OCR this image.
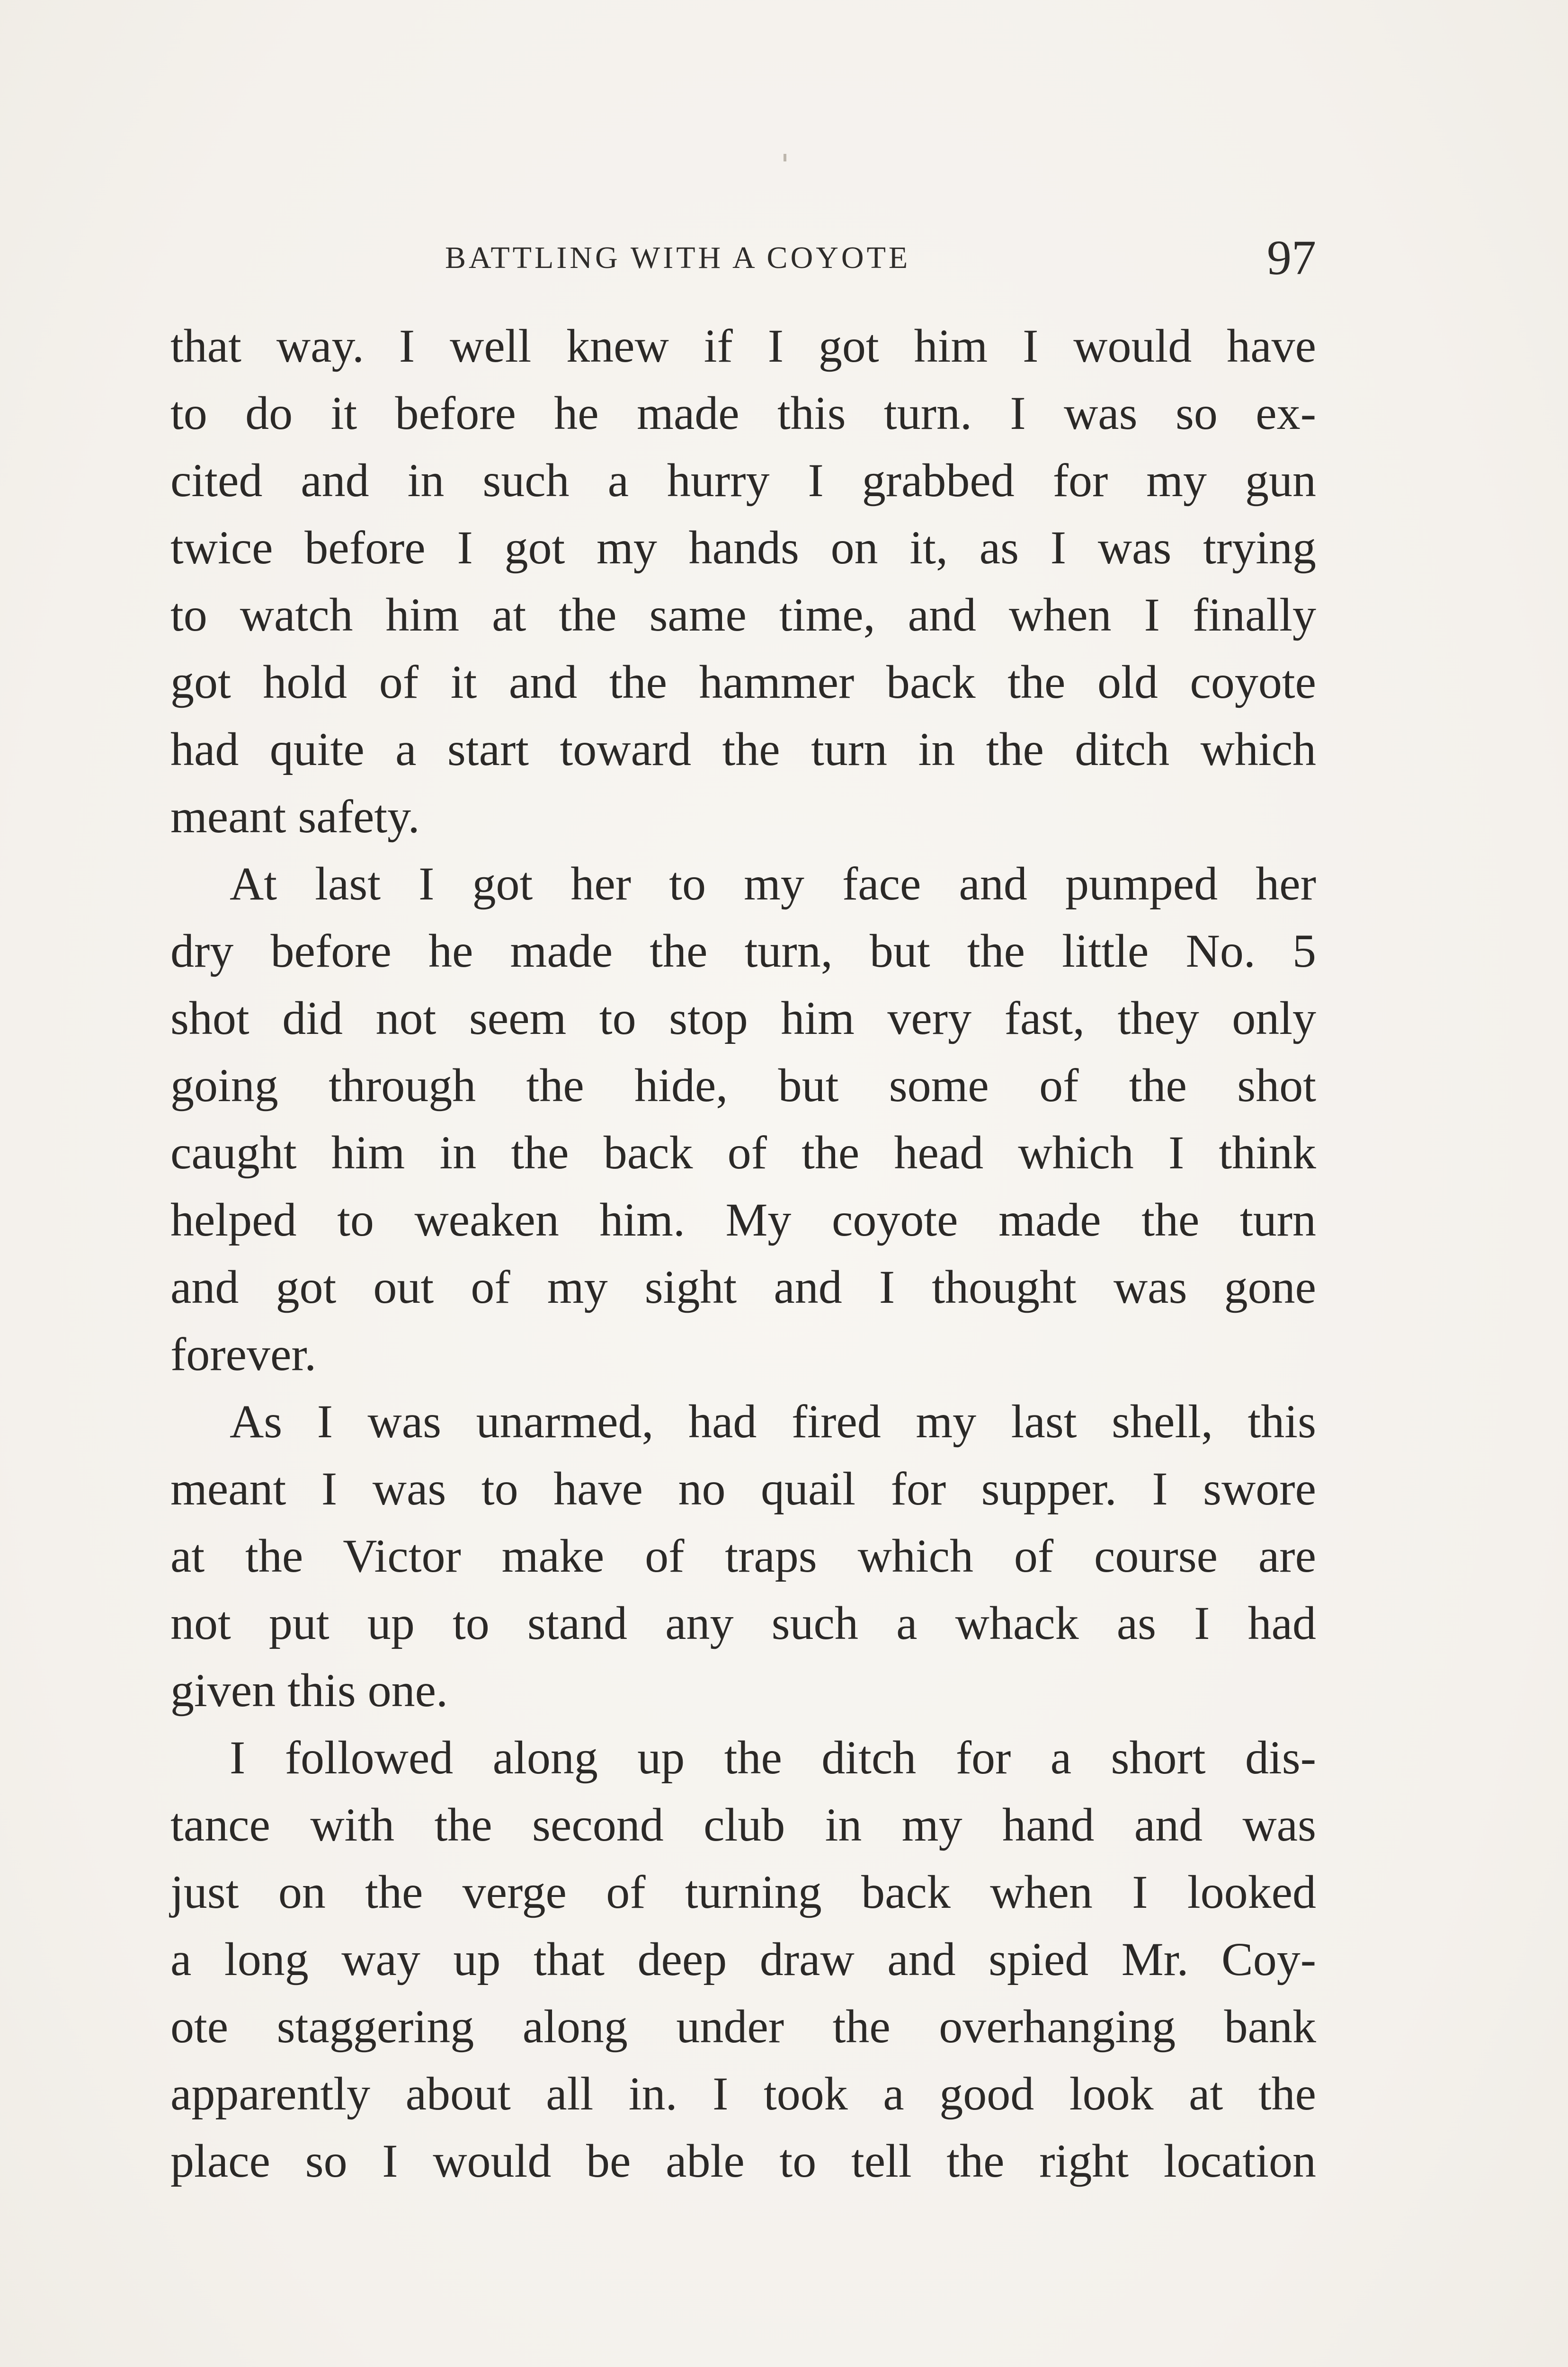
BATTLING WITH A COYOTE	97
that way. I well knew if I got him I would have
to do it before he made this turn. I was so ex-
cited and in such a hurry I grabbed for my gun
twice before I got my hands on it, as I was trying
to watch him at the same time, and when I finally
got hold of it and the hammer back the old coyote
had quite a start toward the turn in the ditch which
meant safety.
At last I got her to my face and pumped her
dry before he made the turn, but the little No. 5
shot did not seem to stop him very fast, they only
going through the hide, but some of the shot
caught him in the back of the head which I think
helped to weaken him. My coyote made the turn
and got out of my sight and I thought was gone
forever.
As I was unarmed, had fired my last shell, this
meant I was to have no quail for supper. I swore
at the Victor make of traps which of course are
not put up to stand any such a whack as I had
given this one.
I followed along up the ditch for a short dis-
tance with the second club in my hand and was
just on the verge of turning back when I looked
a long way up that deep draw and spied Mr. Coy-
ote staggering along under the overhanging bank
apparently about all in. I took a good look at the
place so I would be able to tell the right location
